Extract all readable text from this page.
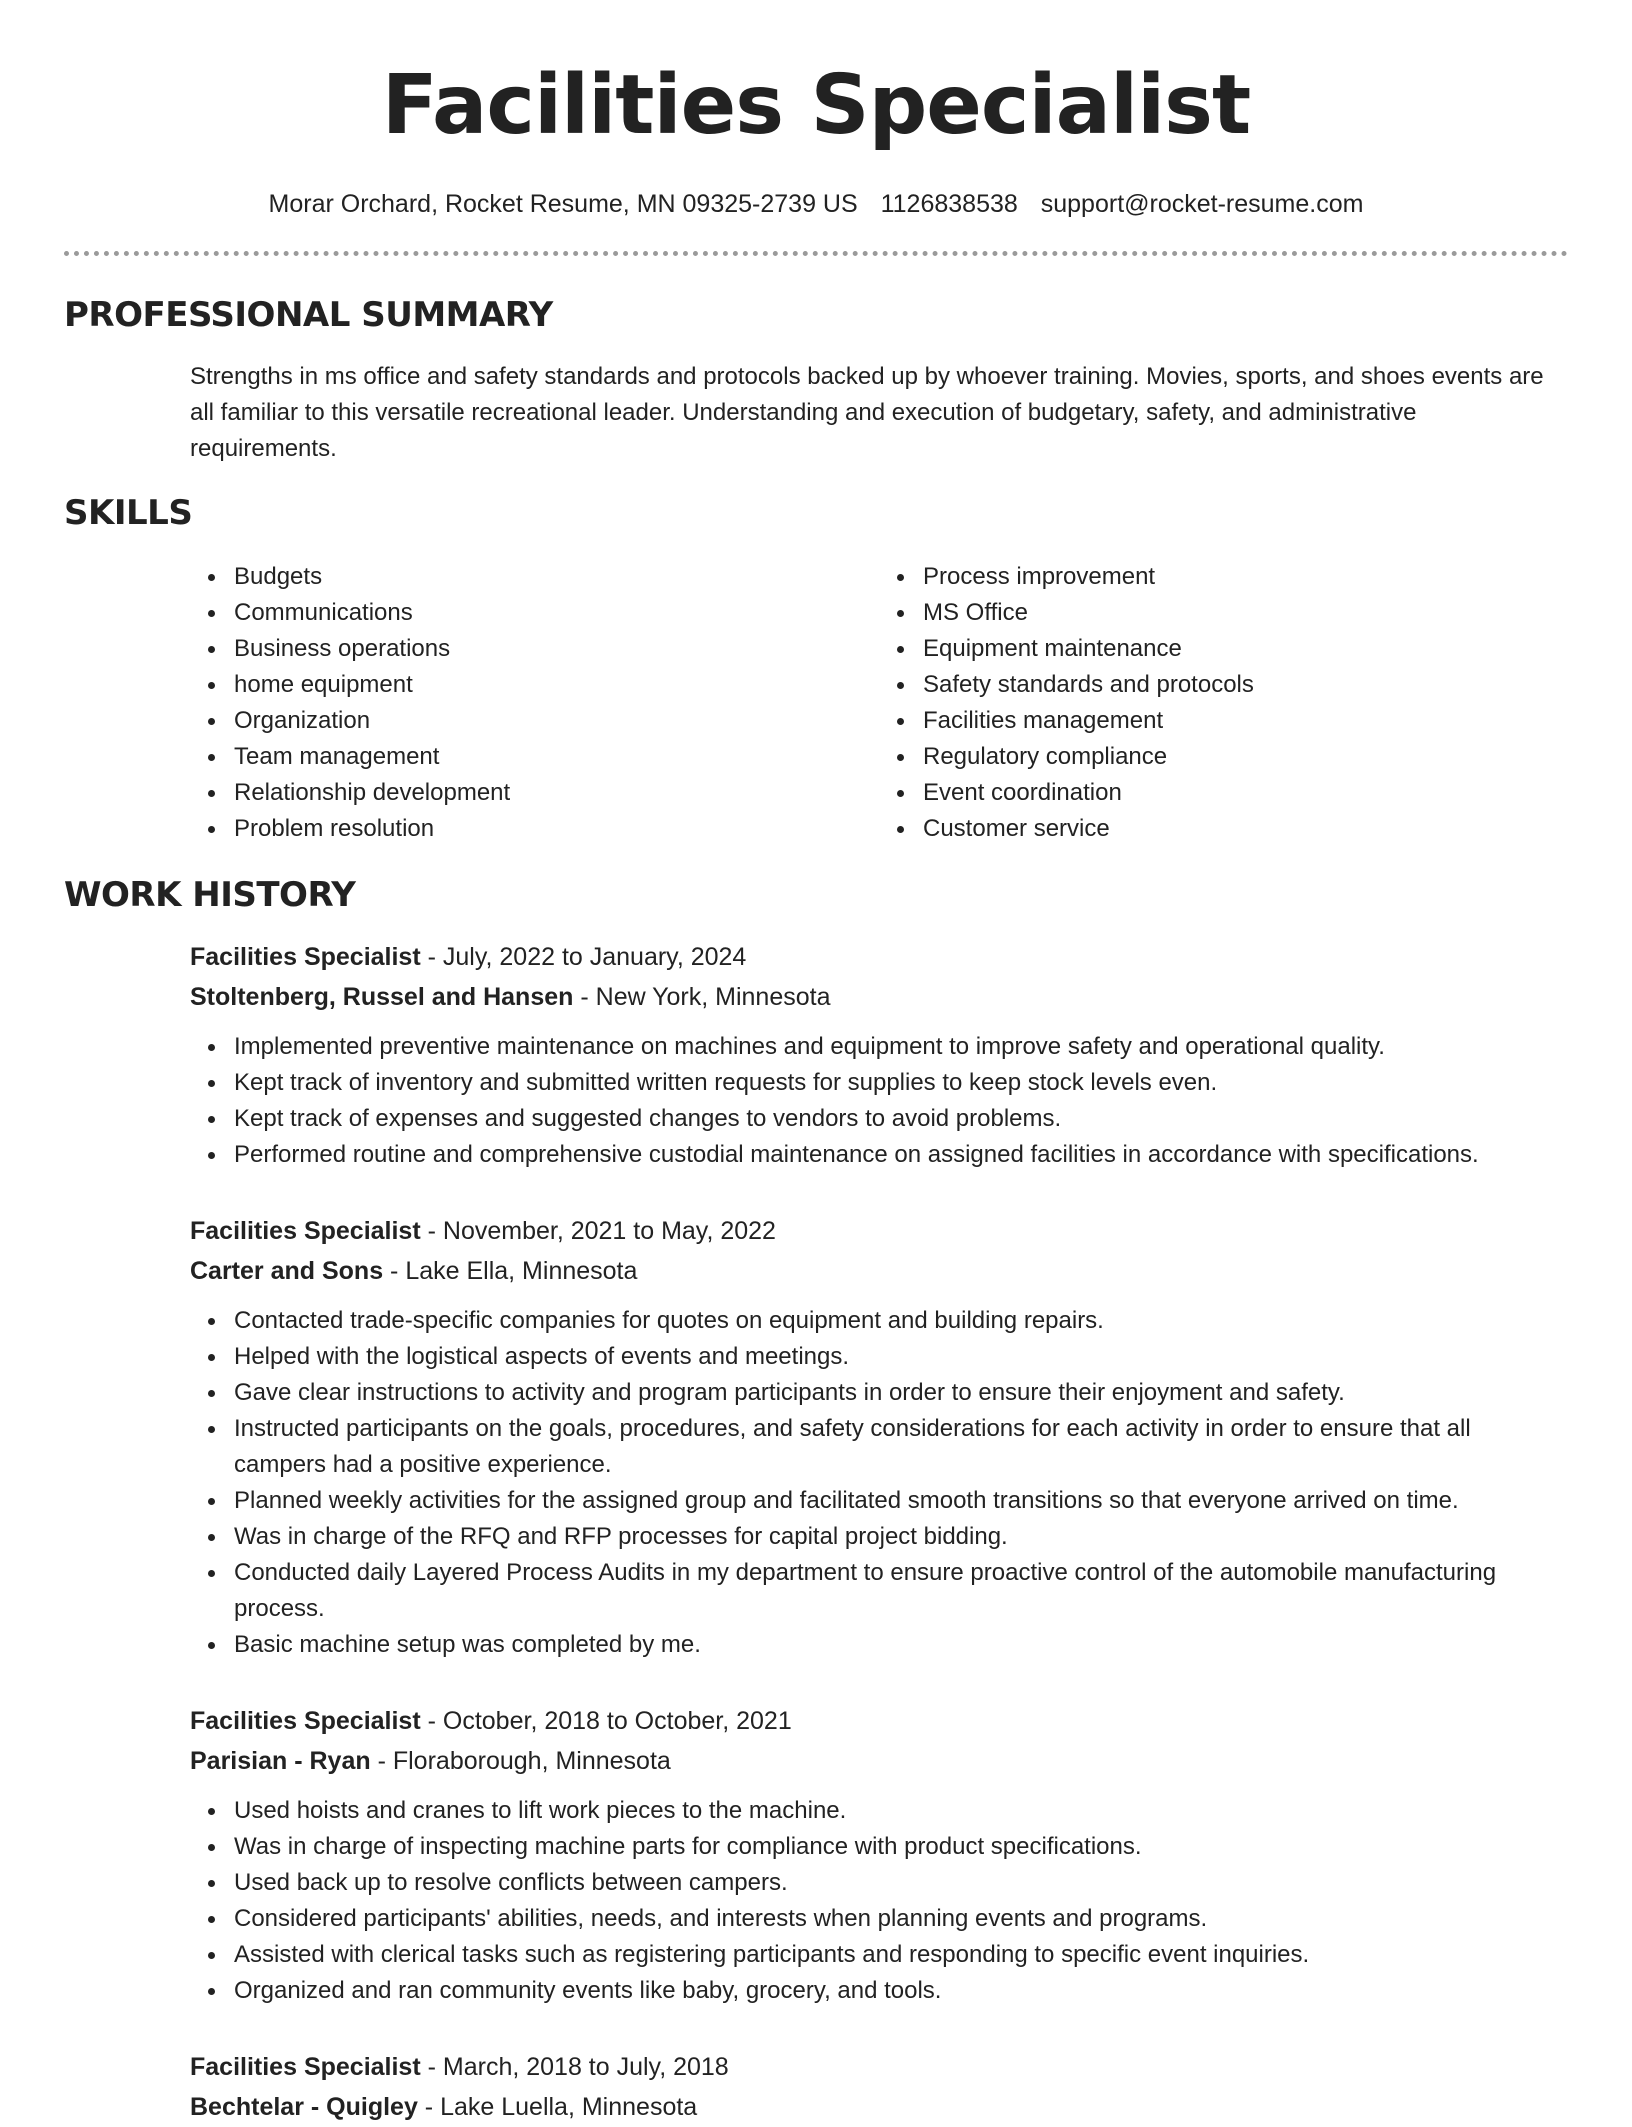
Facilities Specialist
Morar Orchard, Rocket Resume, MN 09325-2739 US 1126838538 support@rocket-resume.com
PROFESSIONAL SUMMARY

Strengths in ms office and safety standards and protocols backed up by whoever training. Movies, sports, and shoes events are all familiar to this versatile recreational leader. Understanding and execution of budgetary, safety, and administrative requirements.

SKILLS
Budgets
Communications
Business operations
home equipment
Organization
Team management
Relationship development
Problem resolution
Process improvement
MS Office
Equipment maintenance
Safety standards and protocols
Facilities management
Regulatory compliance
Event coordination
Customer service
WORK HISTORY
Facilities Specialist - July, 2022 to January, 2024
Stoltenberg, Russel and Hansen - New York, Minnesota
Implemented preventive maintenance on machines and equipment to improve safety and operational quality.
Kept track of inventory and submitted written requests for supplies to keep stock levels even.
Kept track of expenses and suggested changes to vendors to avoid problems.
Performed routine and comprehensive custodial maintenance on assigned facilities in accordance with specifications.
Facilities Specialist - November, 2021 to May, 2022
Carter and Sons - Lake Ella, Minnesota
Contacted trade-specific companies for quotes on equipment and building repairs.
Helped with the logistical aspects of events and meetings.
Gave clear instructions to activity and program participants in order to ensure their enjoyment and safety.
Instructed participants on the goals, procedures, and safety considerations for each activity in order to ensure that all campers had a positive experience.
Planned weekly activities for the assigned group and facilitated smooth transitions so that everyone arrived on time.
Was in charge of the RFQ and RFP processes for capital project bidding.
Conducted daily Layered Process Audits in my department to ensure proactive control of the automobile manufacturing process.
Basic machine setup was completed by me.
Facilities Specialist - October, 2018 to October, 2021
Parisian - Ryan - Floraborough, Minnesota
Used hoists and cranes to lift work pieces to the machine.
Was in charge of inspecting machine parts for compliance with product specifications.
Used back up to resolve conflicts between campers.
Considered participants' abilities, needs, and interests when planning events and programs.
Assisted with clerical tasks such as registering participants and responding to specific event inquiries.
Organized and ran community events like baby, grocery, and tools.
Facilities Specialist - March, 2018 to July, 2018
Bechtelar - Quigley - Lake Luella, Minnesota
